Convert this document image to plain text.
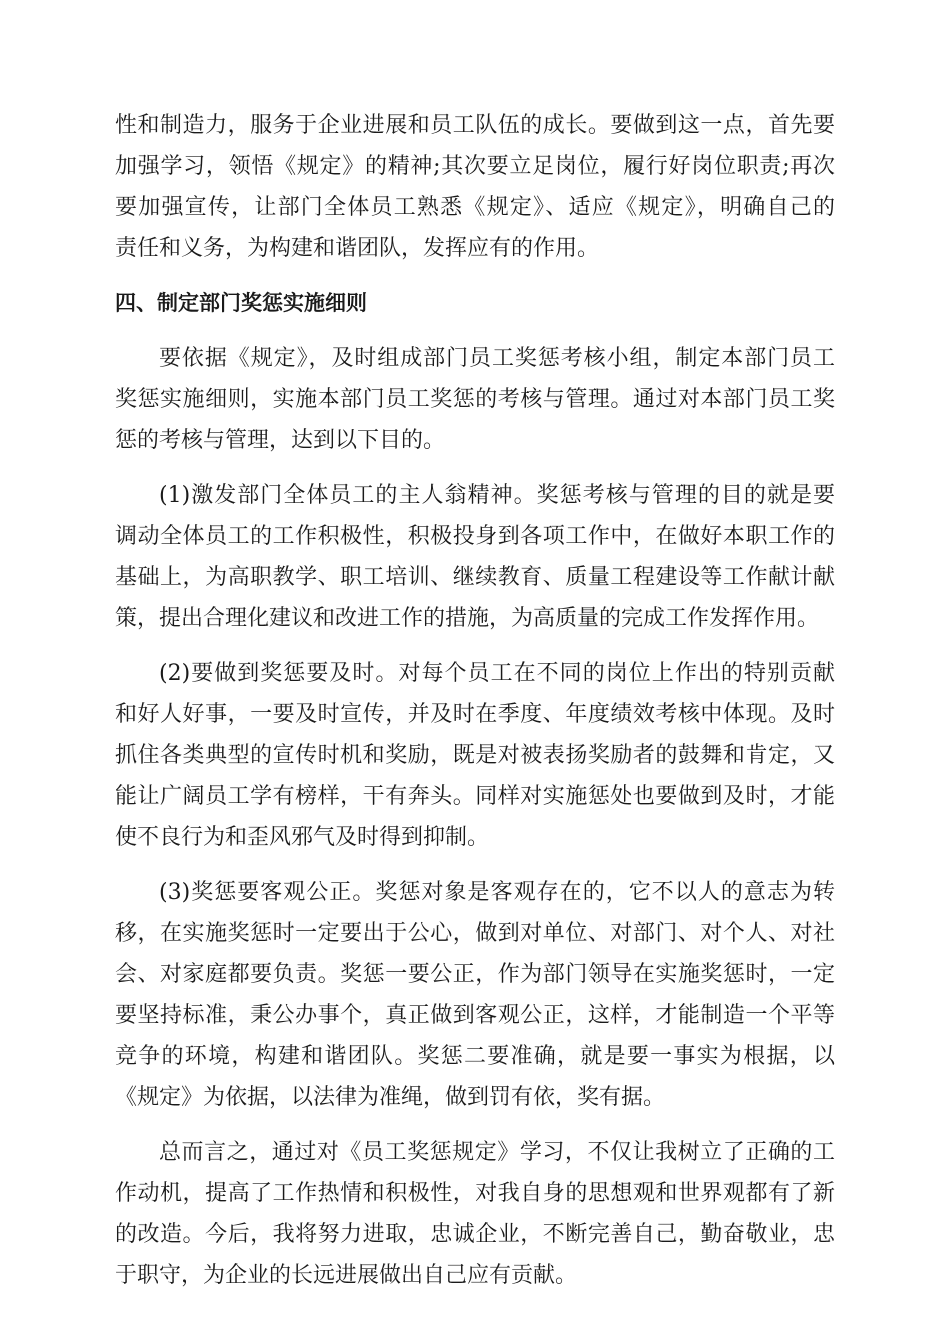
性和制造力，服务于企业进展和员工队伍的成长。要做到这一点，首先要
加强学习，领悟《规定》的精神;其次要立足岗位，履行好岗位职责;再次
要加强宣传，让部门全体员工熟悉《规定》、适应《规定》，明确自己的
责任和义务，为构建和谐团队，发挥应有的作用。
四、制定部门奖惩实施细则
要依据《规定》，及时组成部门员工奖惩考核小组，制定本部门员工
奖惩实施细则，实施本部门员工奖惩的考核与管理。通过对本部门员工奖
惩的考核与管理，达到以下目的。
(1)激发部门全体员工的主人翁精神。奖惩考核与管理的目的就是要
调动全体员工的工作积极性，积极投身到各项工作中，在做好本职工作的
基础上，为高职教学、职工培训、继续教育、质量工程建设等工作献计献
策，提出合理化建议和改进工作的措施，为高质量的完成工作发挥作用。
(2)要做到奖惩要及时。对每个员工在不同的岗位上作出的特别贡献
和好人好事，一要及时宣传，并及时在季度、年度绩效考核中体现。及时
抓住各类典型的宣传时机和奖励，既是对被表扬奖励者的鼓舞和肯定，又
能让广阔员工学有榜样，干有奔头。同样对实施惩处也要做到及时，才能
使不良行为和歪风邪气及时得到抑制。
(3)奖惩要客观公正。奖惩对象是客观存在的，它不以人的意志为转
移，在实施奖惩时一定要出于公心，做到对单位、对部门、对个人、对社
会、对家庭都要负责。奖惩一要公正，作为部门领导在实施奖惩时，一定
要坚持标准，秉公办事个，真正做到客观公正，这样，才能制造一个平等
竞争的环境，构建和谐团队。奖惩二要准确，就是要一事实为根据，以
《规定》为依据，以法律为准绳，做到罚有依，奖有据。
总而言之，通过对《员工奖惩规定》学习，不仅让我树立了正确的工
作动机，提高了工作热情和积极性，对我自身的思想观和世界观都有了新
的改造。今后，我将努力进取，忠诚企业，不断完善自己，勤奋敬业，忠
于职守，为企业的长远进展做出自己应有贡献。
